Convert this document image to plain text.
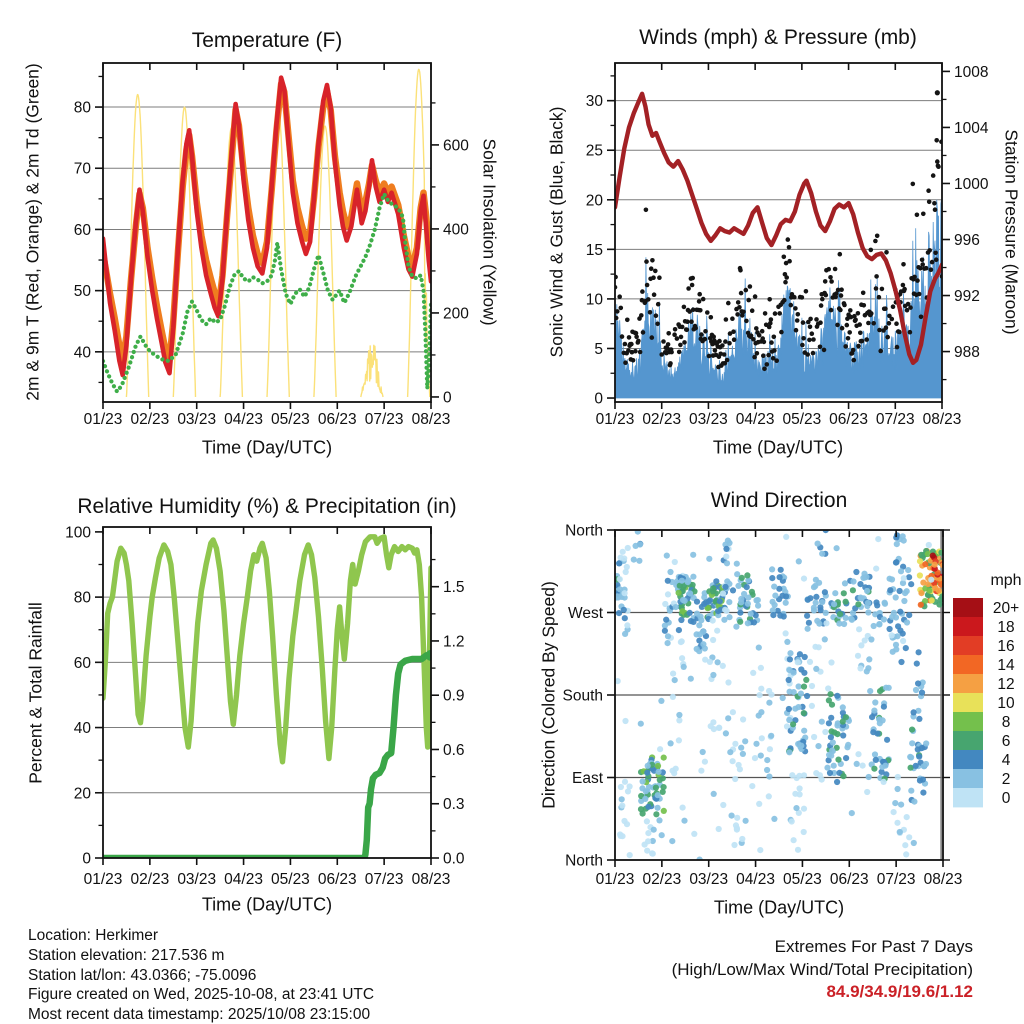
01/23 02/23 03/23 04/23 05/23 06/23 07/23 08/23
40
50
60
70
80
0
200
400
600
01/23 02/23 03/23 04/23 05/23 06/23 07/23 08/23
0
5
10
15
20
25
30
988
992
996
1000
1004
1008
01/23 02/23 03/23 04/23 05/23 06/23 07/23 08/23
0
20
40
60
80
100
0.0
0.3
0.6
0.9
1.2
1.5
01/23 02/23 03/23 04/23 05/23 06/23 07/23 08/23
North
West
South
East
North
20+
18
16
14
12
10
8
6
4
2
0
Temperature (F)	Winds (mph) & Pressure (mb)
Relative Humidity (%) & Precipitation (in)	Wind Direction
2m & 9m T (Red, Orange) & 2m Td (Green)	Solar Insolation (Yellow)	Sonic Wind & Gust (Blue, Black)	Station Pressure (Maroon)
Percent & Total Rainfall	Direction (Colored By Speed)
Time (Day/UTC)	Time (Day/UTC)
Time (Day/UTC)	Time (Day/UTC)
mph
Location: Herkimer
Station elevation: 217.536 m
Station lat/lon: 43.0366; -75.0096
Figure created on Wed, 2025-10-08, at 23:41 UTC
Most recent data timestamp: 2025/10/08 23:15:00
Extremes For Past 7 Days
(High/Low/Max Wind/Total Precipitation)
84.9/34.9/19.6/1.12
